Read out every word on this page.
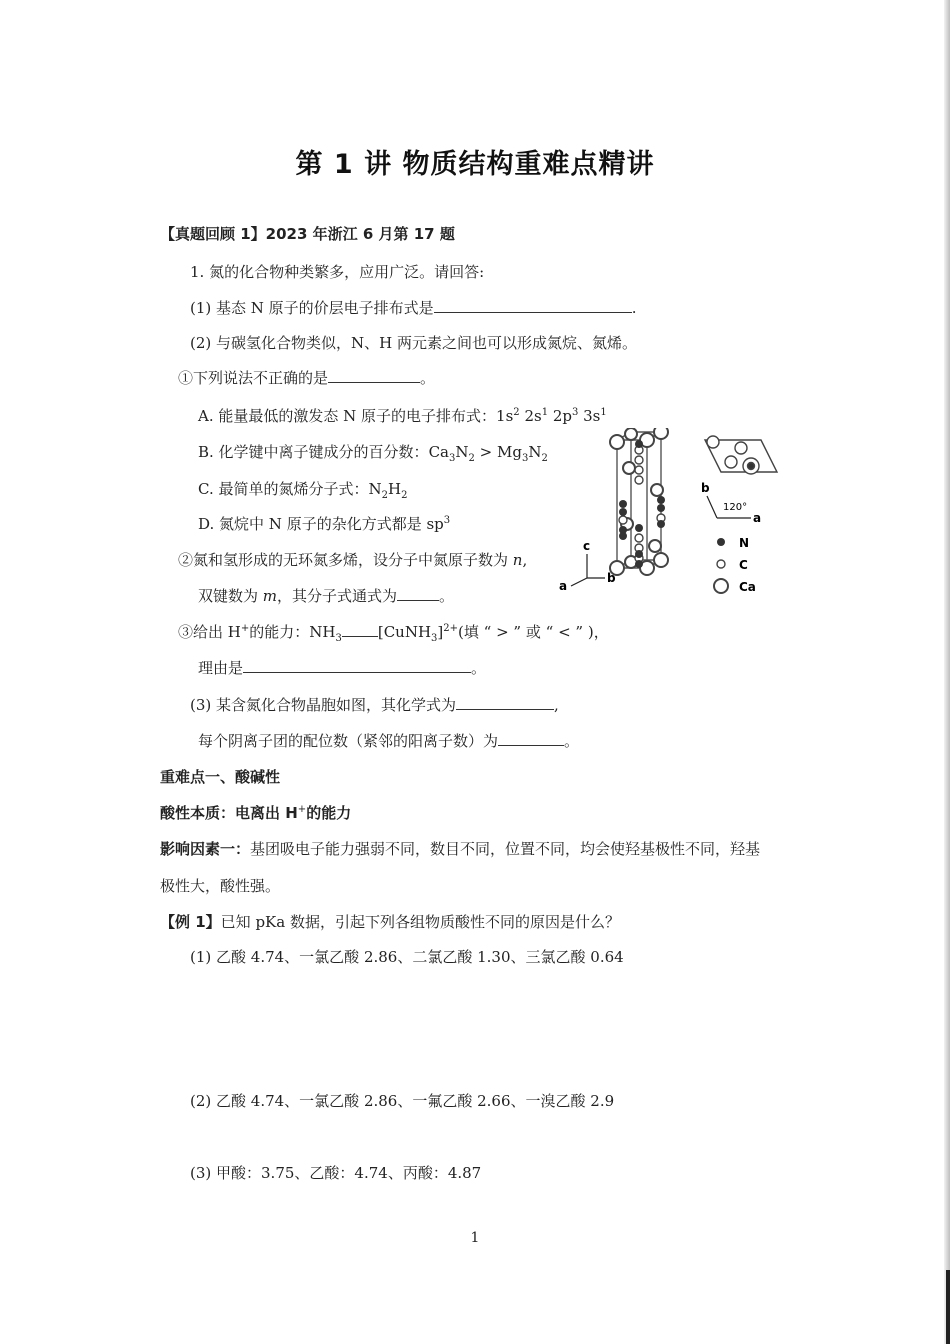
第 1 讲 物质结构重难点精讲
【真题回顾 1】2023 年浙江 6 月第 17 题
1. 氮的化合物种类繁多，应用广泛。请回答:
(1) 基态 N 原子的价层电子排布式是	.
(2) 与碳氢化合物类似，N、H 两元素之间也可以形成氮烷、氮烯。
①下列说法不正确的是	。
A. 能量最低的激发态 N 原子的电子排布式：$1s^2$ $2s^1$ $2p^3$ $3s^1$
B. 化学键中离子键成分的百分数：$Ca_3N_2 > Mg_3N_2$
C. 最简单的氮烯分子式：$N_2H_2$
D. 氮烷中 N 原子的杂化方式都是 $sp^3$
②氮和氢形成的无环氮多烯，设分子中氮原子数为 n,
双键数为 m，其分子式通式为	。
③给出 H+的能力：$NH_3$ [CuNH$_3$]$^{2+}$(填 “ > ” 或 “ < ” )，
理由是	。
(3) 某含氮化合物晶胞如图，其化学式为	,
每个阴离子团的配位数（紧邻的阳离子数）为	。
重难点一、酸碱性
酸性本质：电离出 H+的能力
影响因素一：基团吸电子能力强弱不同，数目不同，位置不同，均会使羟基极性不同，羟基
极性大，酸性强。
【例 1】已知 pKa 数据，引起下列各组物质酸性不同的原因是什么？
(1) 乙酸 4.74、一氯乙酸 2.86、二氯乙酸 1.30、三氯乙酸 0.64
(2) 乙酸 4.74、一氯乙酸 2.86、一氟乙酸 2.66、一溴乙酸 2.9
(3) 甲酸：3.75、乙酸：4.74、丙酸：4.87
1
c
b
a
b
a
120°
N
C
Ca
